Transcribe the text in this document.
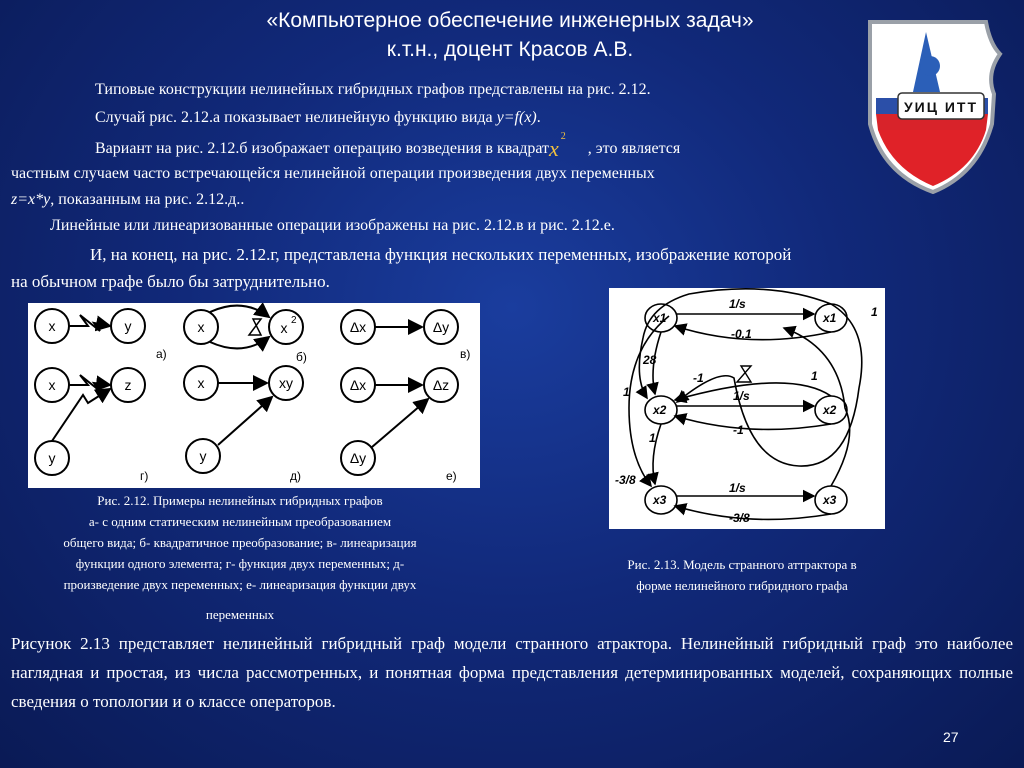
«Компьютерное обеспечение инженерных задач»
к.т.н., доцент Красов А.В.
УИЦ ИТТ
Типовые конструкции нелинейных гибридных графов представлены на рис. 2.12.
Случай рис. 2.12.а показывает нелинейную функцию вида y=f(x).
Вариант на рис. 2.12.б изображает операцию возведения в квадратx $^2$, это является
частным случаем часто встречающейся нелинейной операции произведения двух переменных
z=x*y, показанным на рис. 2.12.д..
Линейные или линеаризованные операции изображены на рис. 2.12.в и рис. 2.12.е.
И, на конец, на рис. 2.12.г, представлена функция нескольких переменных, изображение которой
на обычном графе было бы затруднительно.
x	y	x	x 2	Δx	Δy
x	z
y
x	xy
y
Δx	Δz
Δy
а)	б)	в)
г)	д)	е)
Рис. 2.12. Примеры нелинейных гибридных графов
а- с одним статическим нелинейным преобразованием
общего вида; б- квадратичное преобразование; в- линеаризация
функции одного элемента; г- функция двух переменных; д-
произведение двух переменных; е- линеаризация функции двух
переменных
x1	x1
x2	x2
x3	x3
1/s
-0.1
1
28
1
-1	1
1/s
-1
1
-3/8
1/s
-3/8
Рис. 2.13. Модель странного аттрактора в
форме нелинейного гибридного графа
Рисунок 2.13 представляет нелинейный гибридный граф модели странного атрактора. Нелинейный гибридный граф это наиболее наглядная и простая, из числа рассмотренных, и понятная форма представления детерминированных моделей, сохраняющих полные сведения о топологии и о классе операторов.
27
